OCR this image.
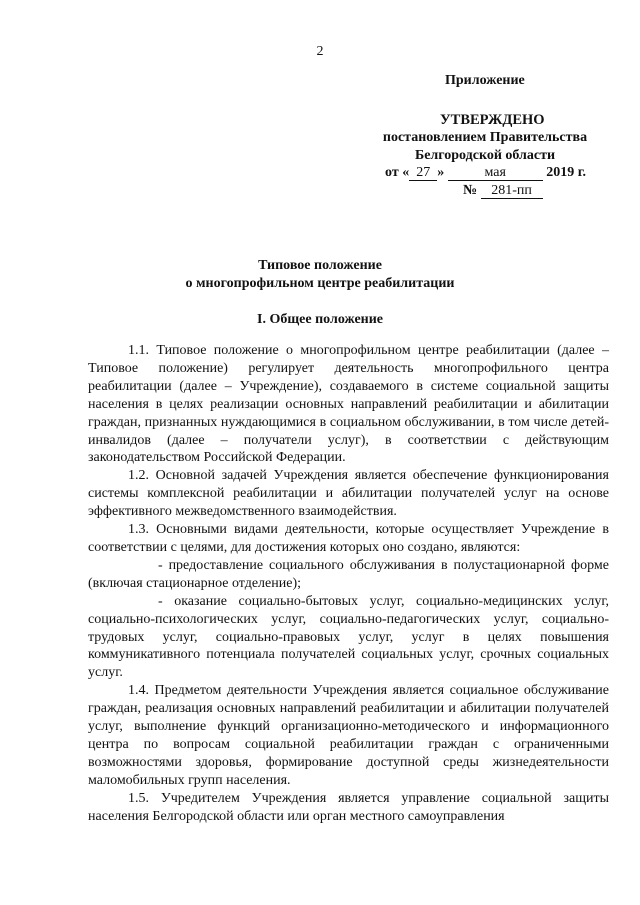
2
Приложение
УТВЕРЖДЕНО
постановлением Правительства
Белгородской области
от « 27 »	мая	2019 г.
№ 281-пп
Типовое положение
о многопрофильном центре реабилитации
I. Общее положение

1.1. Типовое положение о многопрофильном центре реабилитации (далее – Типовое положение) регулирует деятельность многопрофильного центра реабилитации (далее – Учреждение), создаваемого в системе социальной защиты населения в целях реализации основных направлений реабилитации и абилитации граждан, признанных нуждающимися в социальном обслуживании, в том числе детей-инвалидов (далее – получатели услуг), в соответствии с действующим законодательством Российской Федерации.

1.2. Основной задачей Учреждения является обеспечение функционирования системы комплексной реабилитации и абилитации получателей услуг на основе эффективного межведомственного взаимодействия.

1.3. Основными видами деятельности, которые осуществляет Учреждение в соответствии с целями, для достижения которых оно создано, являются:

- предоставление социального обслуживания в полустационарной форме (включая стационарное отделение);

- оказание социально-бытовых услуг, социально-медицинских услуг, социально-психологических услуг, социально-педагогических услуг, социально-трудовых услуг, социально-правовых услуг, услуг в целях повышения коммуникативного потенциала получателей социальных услуг, срочных социальных услуг.

1.4. Предметом деятельности Учреждения является социальное обслуживание граждан, реализация основных направлений реабилитации и абилитации получателей услуг, выполнение функций организационно-методического и информационного центра по вопросам социальной реабилитации граждан с ограниченными возможностями здоровья, формирование доступной среды жизнедеятельности маломобильных групп населения.

1.5. Учредителем Учреждения является управление социальной защиты населения Белгородской области или орган местного самоуправления
